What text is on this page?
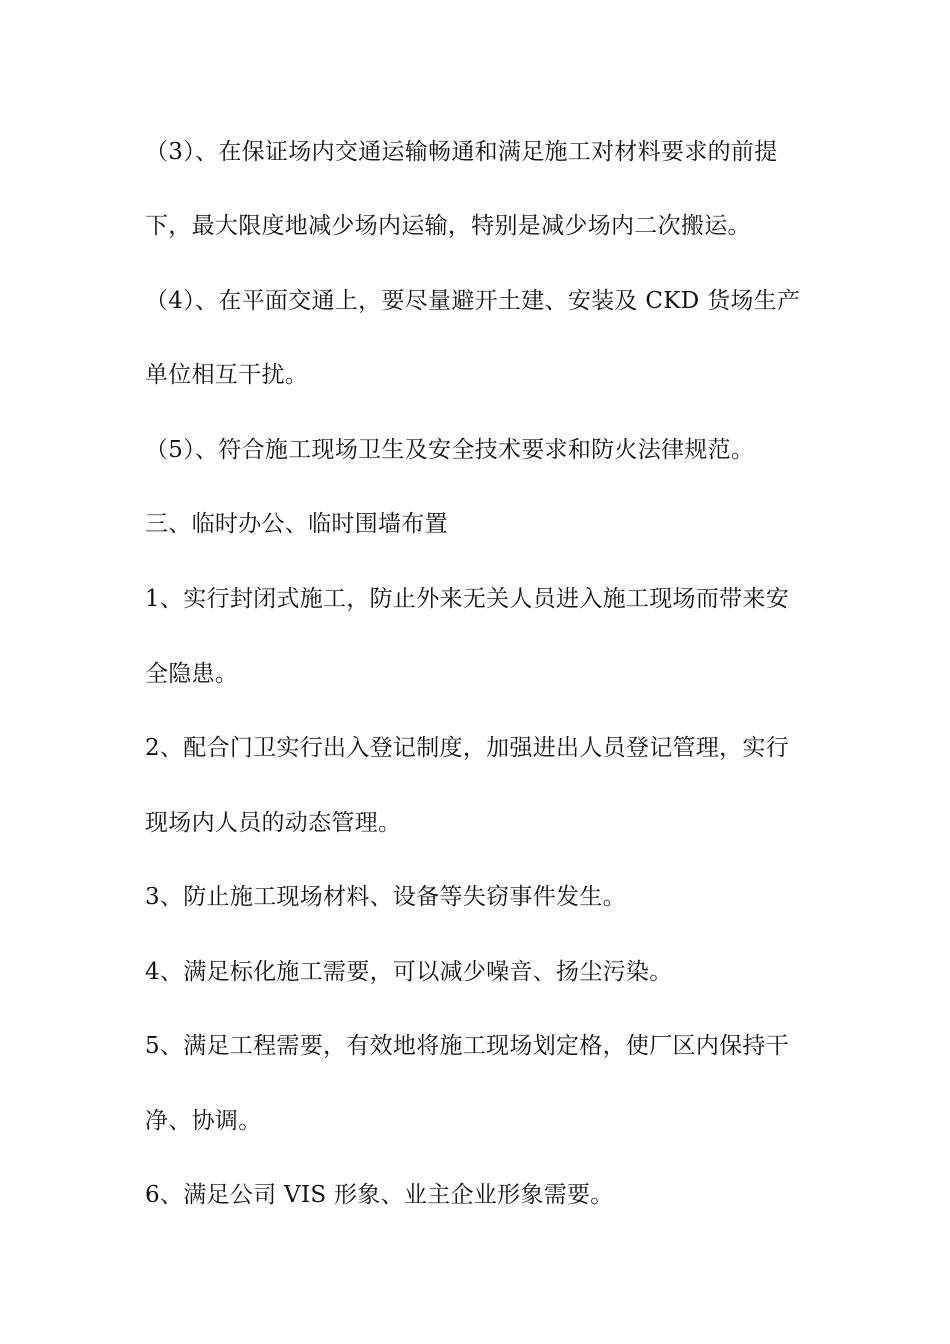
（3）、在保证场内交通运输畅通和满足施工对材料要求的前提
下，最大限度地减少场内运输，特别是减少场内二次搬运。
（4）、在平面交通上，要尽量避开土建、安装及 CKD 货场生产
单位相互干扰。
（5）、符合施工现场卫生及安全技术要求和防火法律规范。
三、临时办公、临时围墙布置
1、实行封闭式施工，防止外来无关人员进入施工现场而带来安
全隐患。
2、配合门卫实行出入登记制度，加强进出人员登记管理，实行
现场内人员的动态管理。
3、防止施工现场材料、设备等失窃事件发生。
4、满足标化施工需要，可以减少噪音、扬尘污染。
5、满足工程需要，有效地将施工现场划定格，使厂区内保持干
净、协调。
6、满足公司 VIS 形象、业主企业形象需要。
